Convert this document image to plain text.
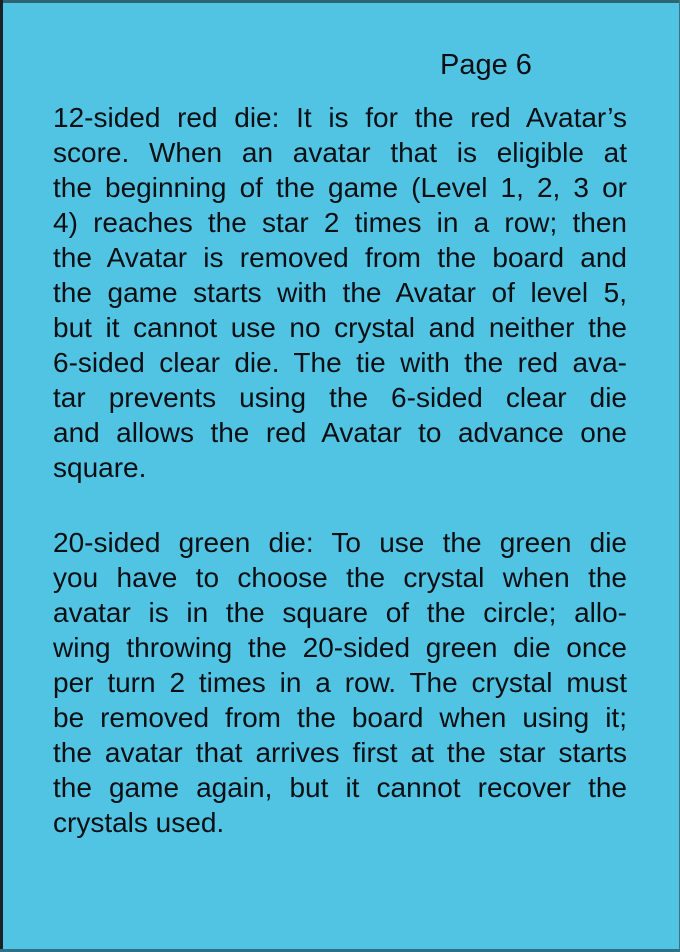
Page 6
12-sided red die: It is for the red Avatar’s
score. When an avatar that is eligible at
the beginning of the game (Level 1, 2, 3 or
4) reaches the star 2 times in a row; then
the Avatar is removed from the board and
the game starts with the Avatar of level 5,
but it cannot use no crystal and neither the
6-sided clear die. The tie with the red ava-
tar prevents using the 6-sided clear die
and allows the red Avatar to advance one
square.
20-sided green die: To use the green die
you have to choose the crystal when the
avatar is in the square of the circle; allo-
wing throwing the 20-sided green die once
per turn 2 times in a row. The crystal must
be removed from the board when using it;
the avatar that arrives first at the star starts
the game again, but it cannot recover the
crystals used.
